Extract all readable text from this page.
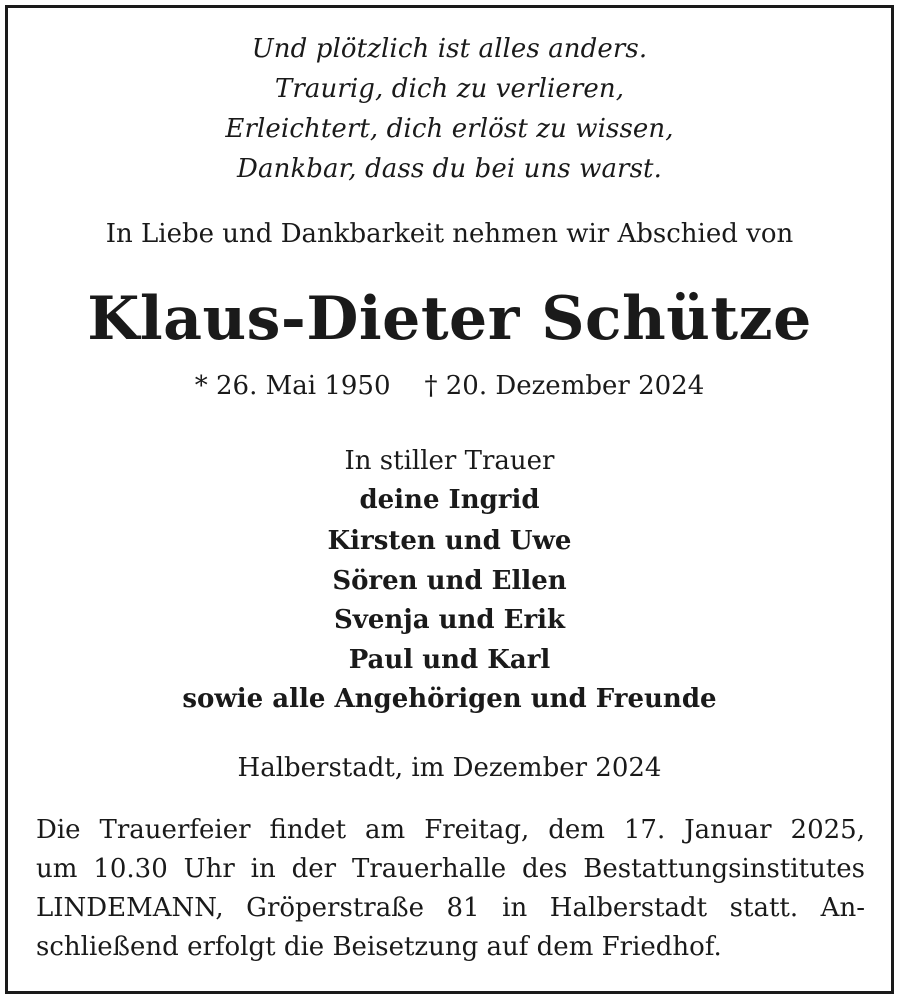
Und plötzlich ist alles anders.
Traurig, dich zu verlieren,
Erleichtert, dich erlöst zu wissen,
Dankbar, dass du bei uns warst.
In Liebe und Dankbarkeit nehmen wir Abschied von
Klaus-Dieter Schütze
* 26. Mai 1950 † 20. Dezember 2024
In stiller Trauer
deine Ingrid
Kirsten und Uwe
Sören und Ellen
Svenja und Erik
Paul und Karl
sowie alle Angehörigen und Freunde
Halberstadt, im Dezember 2024
Die Trauerfeier findet am Freitag, dem 17. Januar 2025,
um 10.30 Uhr in der Trauerhalle des Bestattungsinstitutes
LINDEMANN, Gröperstraße 81 in Halberstadt statt. An-
schließend erfolgt die Beisetzung auf dem Friedhof.
